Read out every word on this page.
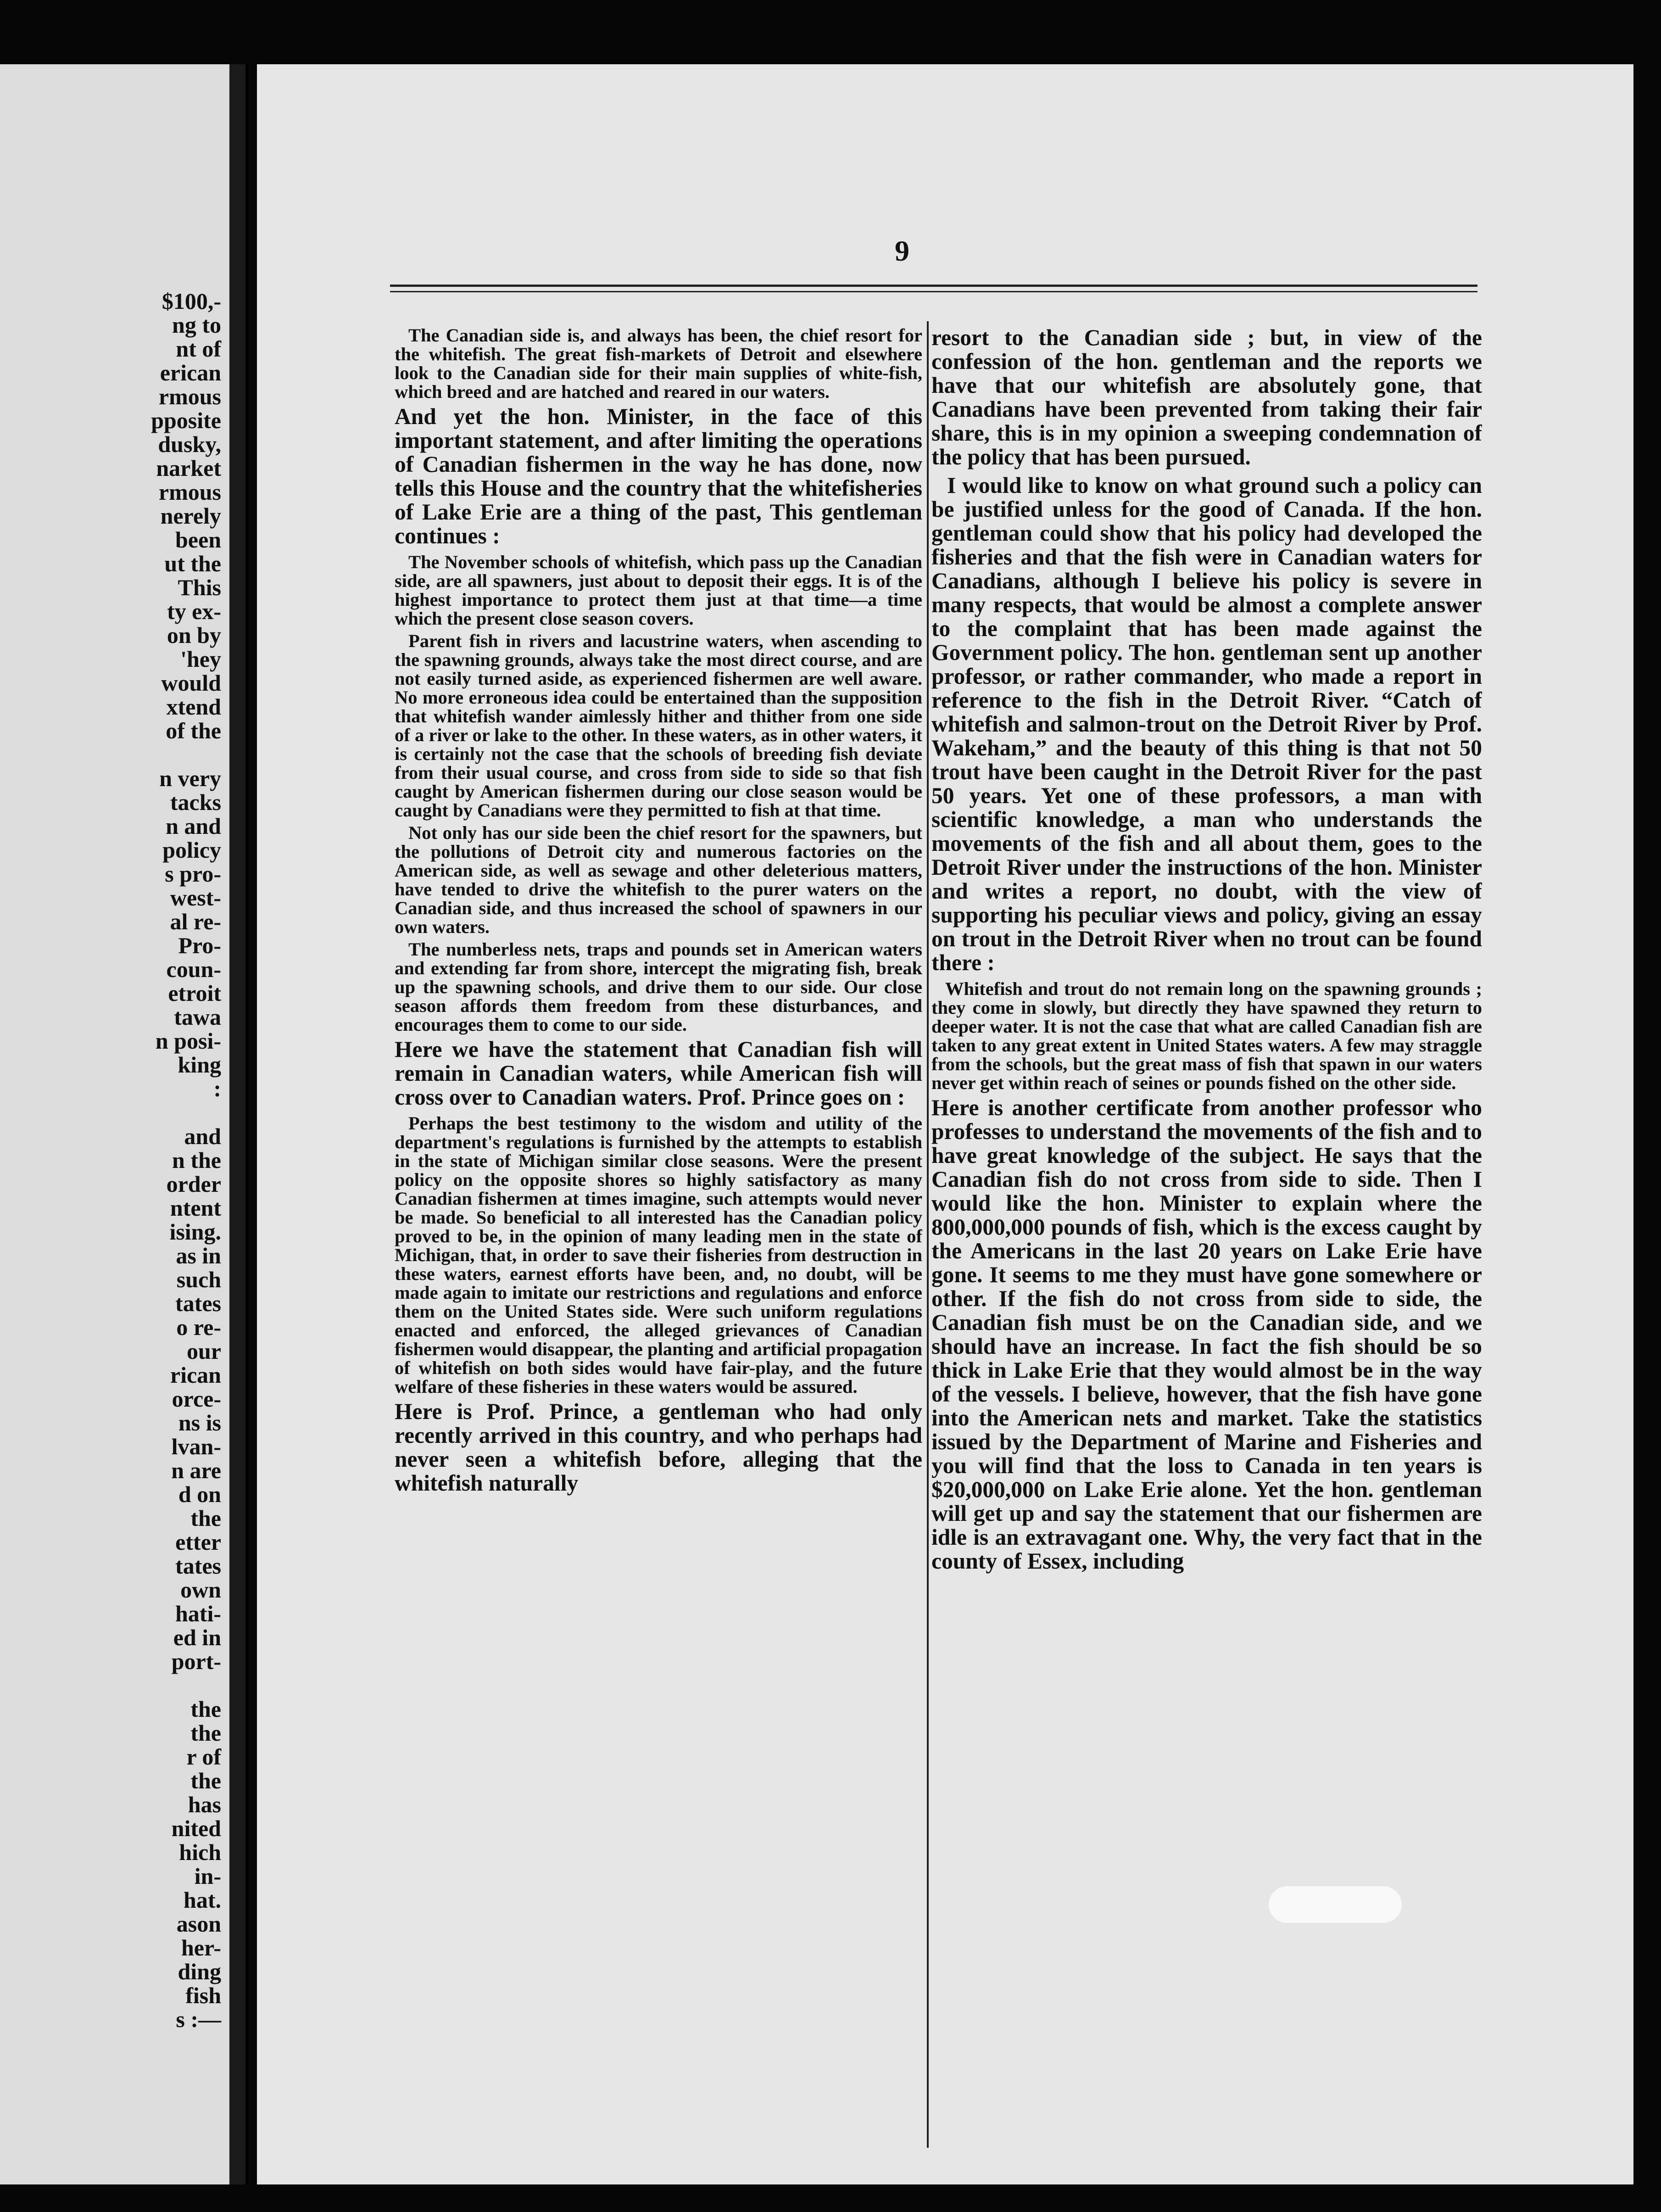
$100,-
ng to
nt of
erican
rmous
pposite
dusky,
narket
rmous
nerely
been
ut the
This
ty ex-
on by
'hey
would
xtend
of the

n very
tacks
n and
policy
s pro-
west-
al re-
Pro-
coun-
etroit
tawa
n posi-
king
:

and
n the
order
ntent
ising.
as in
such
tates
o re-
our
rican
orce-
ns is
lvan-
n are
d on
the
etter
tates
own
hati-
ed in
port-

the
the
r of
the
has
nited
hich
in-
hat.
ason
her-
ding
fish
s :—
9

The Canadian side is, and always has been, the chief resort for the whitefish. The great fish-markets of Detroit and elsewhere look to the Canadian side for their main supplies of white-fish, which breed and are hatched and reared in our waters.

And yet the hon. Minister, in the face of this important statement, and after limiting the operations of Canadian fishermen in the way he has done, now tells this House and the country that the whitefisheries of Lake Erie are a thing of the past, This gentleman continues :

The November schools of whitefish, which pass up the Canadian side, are all spawners, just about to deposit their eggs. It is of the highest importance to protect them just at that time—a time which the present close season covers.

Parent fish in rivers and lacustrine waters, when ascending to the spawning grounds, always take the most direct course, and are not easily turned aside, as experienced fishermen are well aware. No more erroneous idea could be entertained than the supposition that whitefish wander aimlessly hither and thither from one side of a river or lake to the other. In these waters, as in other waters, it is certainly not the case that the schools of breeding fish deviate from their usual course, and cross from side to side so that fish caught by American fishermen during our close season would be caught by Canadians were they permitted to fish at that time.

Not only has our side been the chief resort for the spawners, but the pollutions of Detroit city and numerous factories on the American side, as well as sewage and other deleterious matters, have tended to drive the whitefish to the purer waters on the Canadian side, and thus increased the school of spawners in our own waters.

The numberless nets, traps and pounds set in American waters and extending far from shore, intercept the migrating fish, break up the spawning schools, and drive them to our side. Our close season affords them freedom from these disturbances, and encourages them to come to our side.

Here we have the statement that Canadian fish will remain in Canadian waters, while American fish will cross over to Canadian waters. Prof. Prince goes on :

Perhaps the best testimony to the wisdom and utility of the department's regulations is furnished by the attempts to establish in the state of Michigan similar close seasons. Were the present policy on the opposite shores so highly satisfactory as many Canadian fishermen at times imagine, such attempts would never be made. So beneficial to all interested has the Canadian policy proved to be, in the opinion of many leading men in the state of Michigan, that, in order to save their fisheries from destruction in these waters, earnest efforts have been, and, no doubt, will be made again to imitate our restrictions and regulations and enforce them on the United States side. Were such uniform regulations enacted and enforced, the alleged grievances of Canadian fishermen would disappear, the planting and artificial propagation of whitefish on both sides would have fair-play, and the future welfare of these fisheries in these waters would be assured.

Here is Prof. Prince, a gentleman who had only recently arrived in this country, and who perhaps had never seen a whitefish before, alleging that the whitefish naturally

resort to the Canadian side ; but, in view of the confession of the hon. gentleman and the reports we have that our whitefish are absolutely gone, that Canadians have been prevented from taking their fair share, this is in my opinion a sweeping condemnation of the policy that has been pursued.

I would like to know on what ground such a policy can be justified unless for the good of Canada. If the hon. gentleman could show that his policy had developed the fisheries and that the fish were in Canadian waters for Canadians, although I believe his policy is severe in many respects, that would be almost a complete answer to the complaint that has been made against the Government policy. The hon. gentleman sent up another professor, or rather commander, who made a report in reference to the fish in the Detroit River. “Catch of whitefish and salmon-trout on the Detroit River by Prof. Wakeham,” and the beauty of this thing is that not 50 trout have been caught in the Detroit River for the past 50 years. Yet one of these professors, a man with scientific knowledge, a man who understands the movements of the fish and all about them, goes to the Detroit River under the instructions of the hon. Minister and writes a report, no doubt, with the view of supporting his peculiar views and policy, giving an essay on trout in the Detroit River when no trout can be found there :

Whitefish and trout do not remain long on the spawning grounds ; they come in slowly, but directly they have spawned they return to deeper water. It is not the case that what are called Canadian fish are taken to any great extent in United States waters. A few may straggle from the schools, but the great mass of fish that spawn in our waters never get within reach of seines or pounds fished on the other side.

Here is another certificate from another professor who professes to understand the movements of the fish and to have great knowledge of the subject. He says that the Canadian fish do not cross from side to side. Then I would like the hon. Minister to explain where the 800,000,000 pounds of fish, which is the excess caught by the Americans in the last 20 years on Lake Erie have gone. It seems to me they must have gone somewhere or other. If the fish do not cross from side to side, the Canadian fish must be on the Canadian side, and we should have an increase. In fact the fish should be so thick in Lake Erie that they would almost be in the way of the vessels. I believe, however, that the fish have gone into the American nets and market. Take the statistics issued by the Department of Marine and Fisheries and you will find that the loss to Canada in ten years is $20,000,000 on Lake Erie alone. Yet the hon. gentleman will get up and say the statement that our fishermen are idle is an extravagant one. Why, the very fact that in the county of Essex, including
